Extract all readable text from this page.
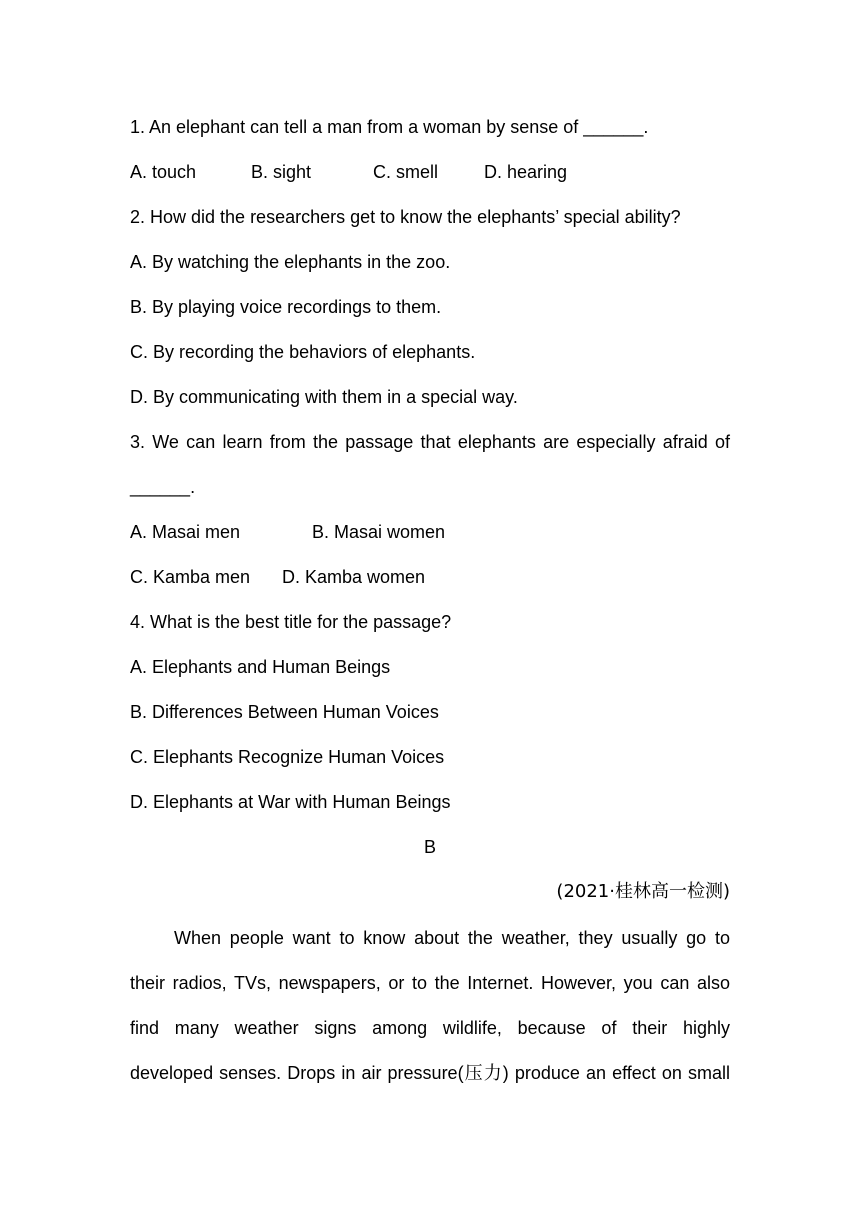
1. An elephant can tell a man from a woman by sense of ______.
A. touch	B. sight	C. smell	D. hearing
2. How did the researchers get to know the elephants’ special ability?
A. By watching the elephants in the zoo.
B. By playing voice recordings to them.
C. By recording the behaviors of elephants.
D. By communicating with them in a special way.
3. We can learn from the passage that elephants are especially afraid of
______.
A. Masai men	B. Masai women
C. Kamba men D. Kamba women
4. What is the best title for the passage?
A. Elephants and Human Beings
B. Differences Between Human Voices
C. Elephants Recognize Human Voices
D. Elephants at War with Human Beings
B
(2021·桂林高一检测)
When people want to know about the weather, they usually go to
their radios, TVs, newspapers, or to the Internet. However, you can also
find many weather signs among wildlife, because of their highly
developed senses. Drops in air pressure(压力) produce an effect on small
